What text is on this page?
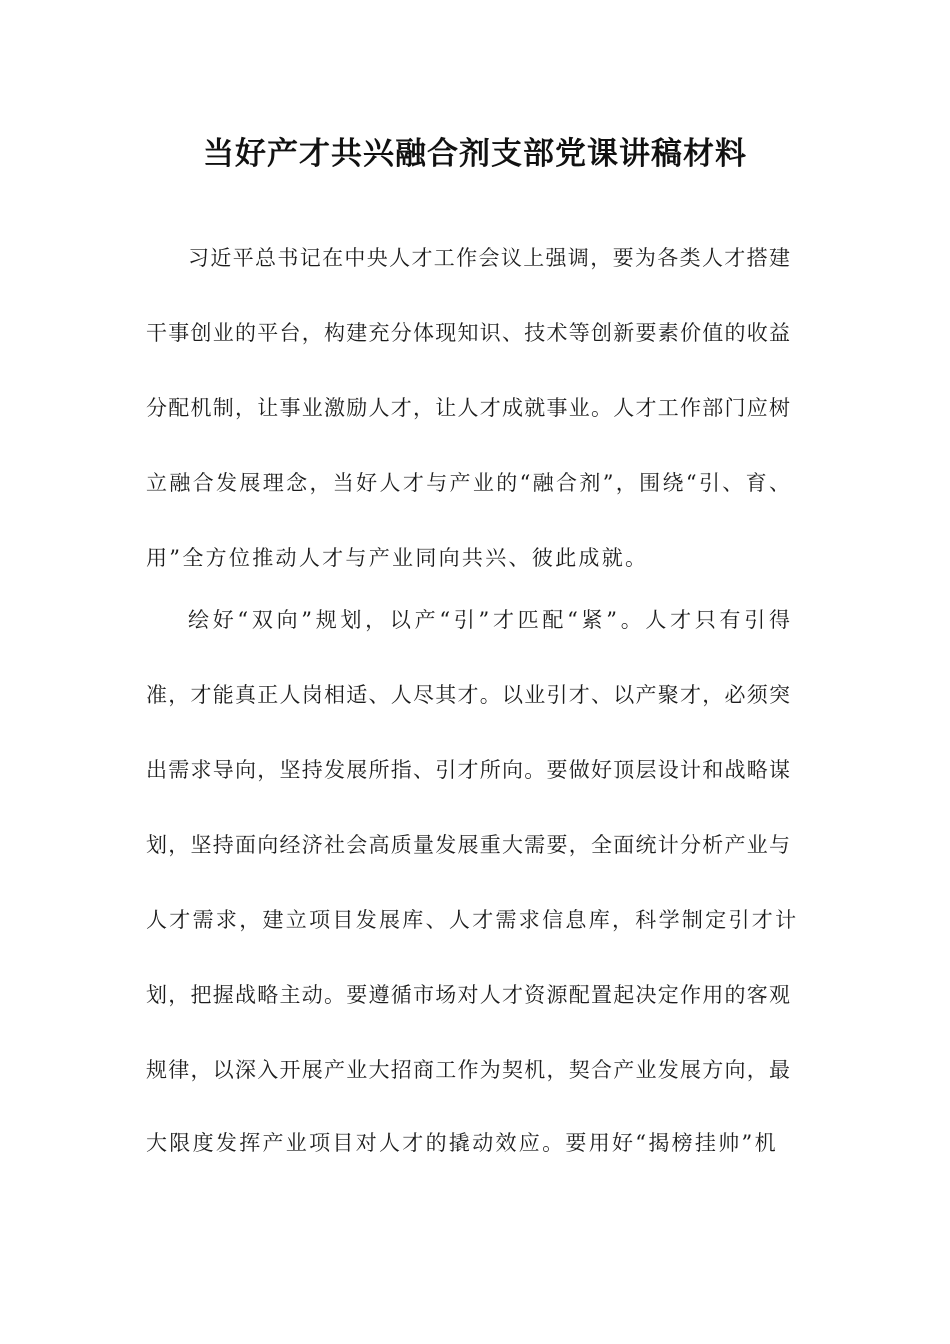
当好产才共兴融合剂支部党课讲稿材料
习近平总书记在中央人才工作会议上强调，要为各类人才搭建
干事创业的平台，构建充分体现知识、技术等创新要素价值的收益
分配机制，让事业激励人才，让人才成就事业。人才工作部门应树
立融合发展理念，当好人才与产业的“融合剂”，围绕“引、育、
用”全方位推动人才与产业同向共兴、彼此成就。
绘好“双向”规划，以产“引”才匹配“紧”。人才只有引得
准，才能真正人岗相适、人尽其才。以业引才、以产聚才，必须突
出需求导向，坚持发展所指、引才所向。要做好顶层设计和战略谋
划，坚持面向经济社会高质量发展重大需要，全面统计分析产业与
人才需求，建立项目发展库、人才需求信息库，科学制定引才计
划，把握战略主动。要遵循市场对人才资源配置起决定作用的客观
规律，以深入开展产业大招商工作为契机，契合产业发展方向，最
大限度发挥产业项目对人才的撬动效应。要用好“揭榜挂帅”机
